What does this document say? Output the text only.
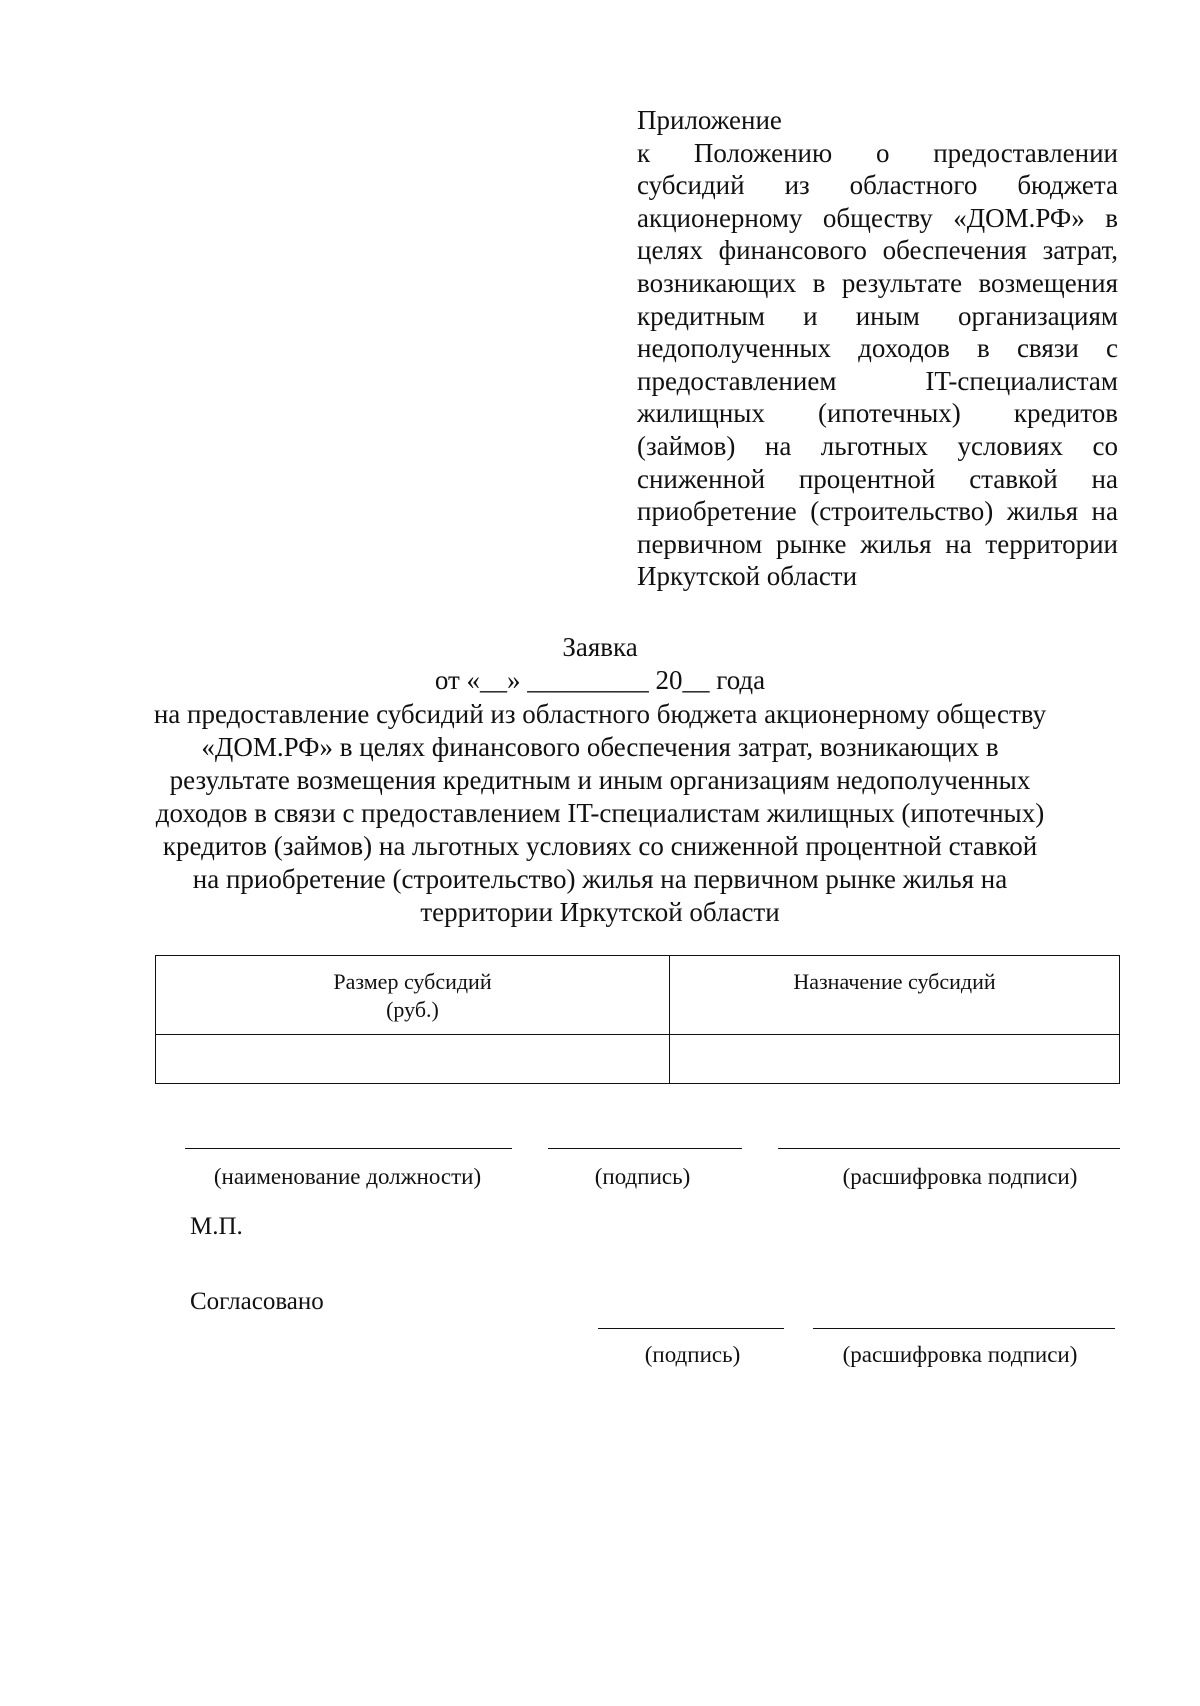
Приложение
к Положению о предоставлении субсидий из областного бюджета акционерному обществу «ДОМ.РФ» в целях финансового обеспечения затрат, возникающих в результате возмещения кредитным и иным организациям недополученных доходов в связи с предоставлением IT-специалистам жилищных (ипотечных) кредитов (займов) на льготных условиях со сниженной процентной ставкой на приобретение (строительство) жилья на первичном рынке жилья на территории Иркутской области
Заявка
от «__» _________ 20__ года
на предоставление субсидий из областного бюджета акционерному обществу «ДОМ.РФ» в целях финансового обеспечения затрат, возникающих в результате возмещения кредитным и иным организациям недополученных доходов в связи с предоставлением IT-специалистам жилищных (ипотечных) кредитов (займов) на льготных условиях со сниженной процентной ставкой на приобретение (строительство) жилья на первичном рынке жилья на территории Иркутской области
Размер субсидий
(руб.)	Назначение субсидий

(наименование должности)	(подпись)	(расшифровка подписи)
М.П.
Согласовано
(подпись)	(расшифровка подписи)
